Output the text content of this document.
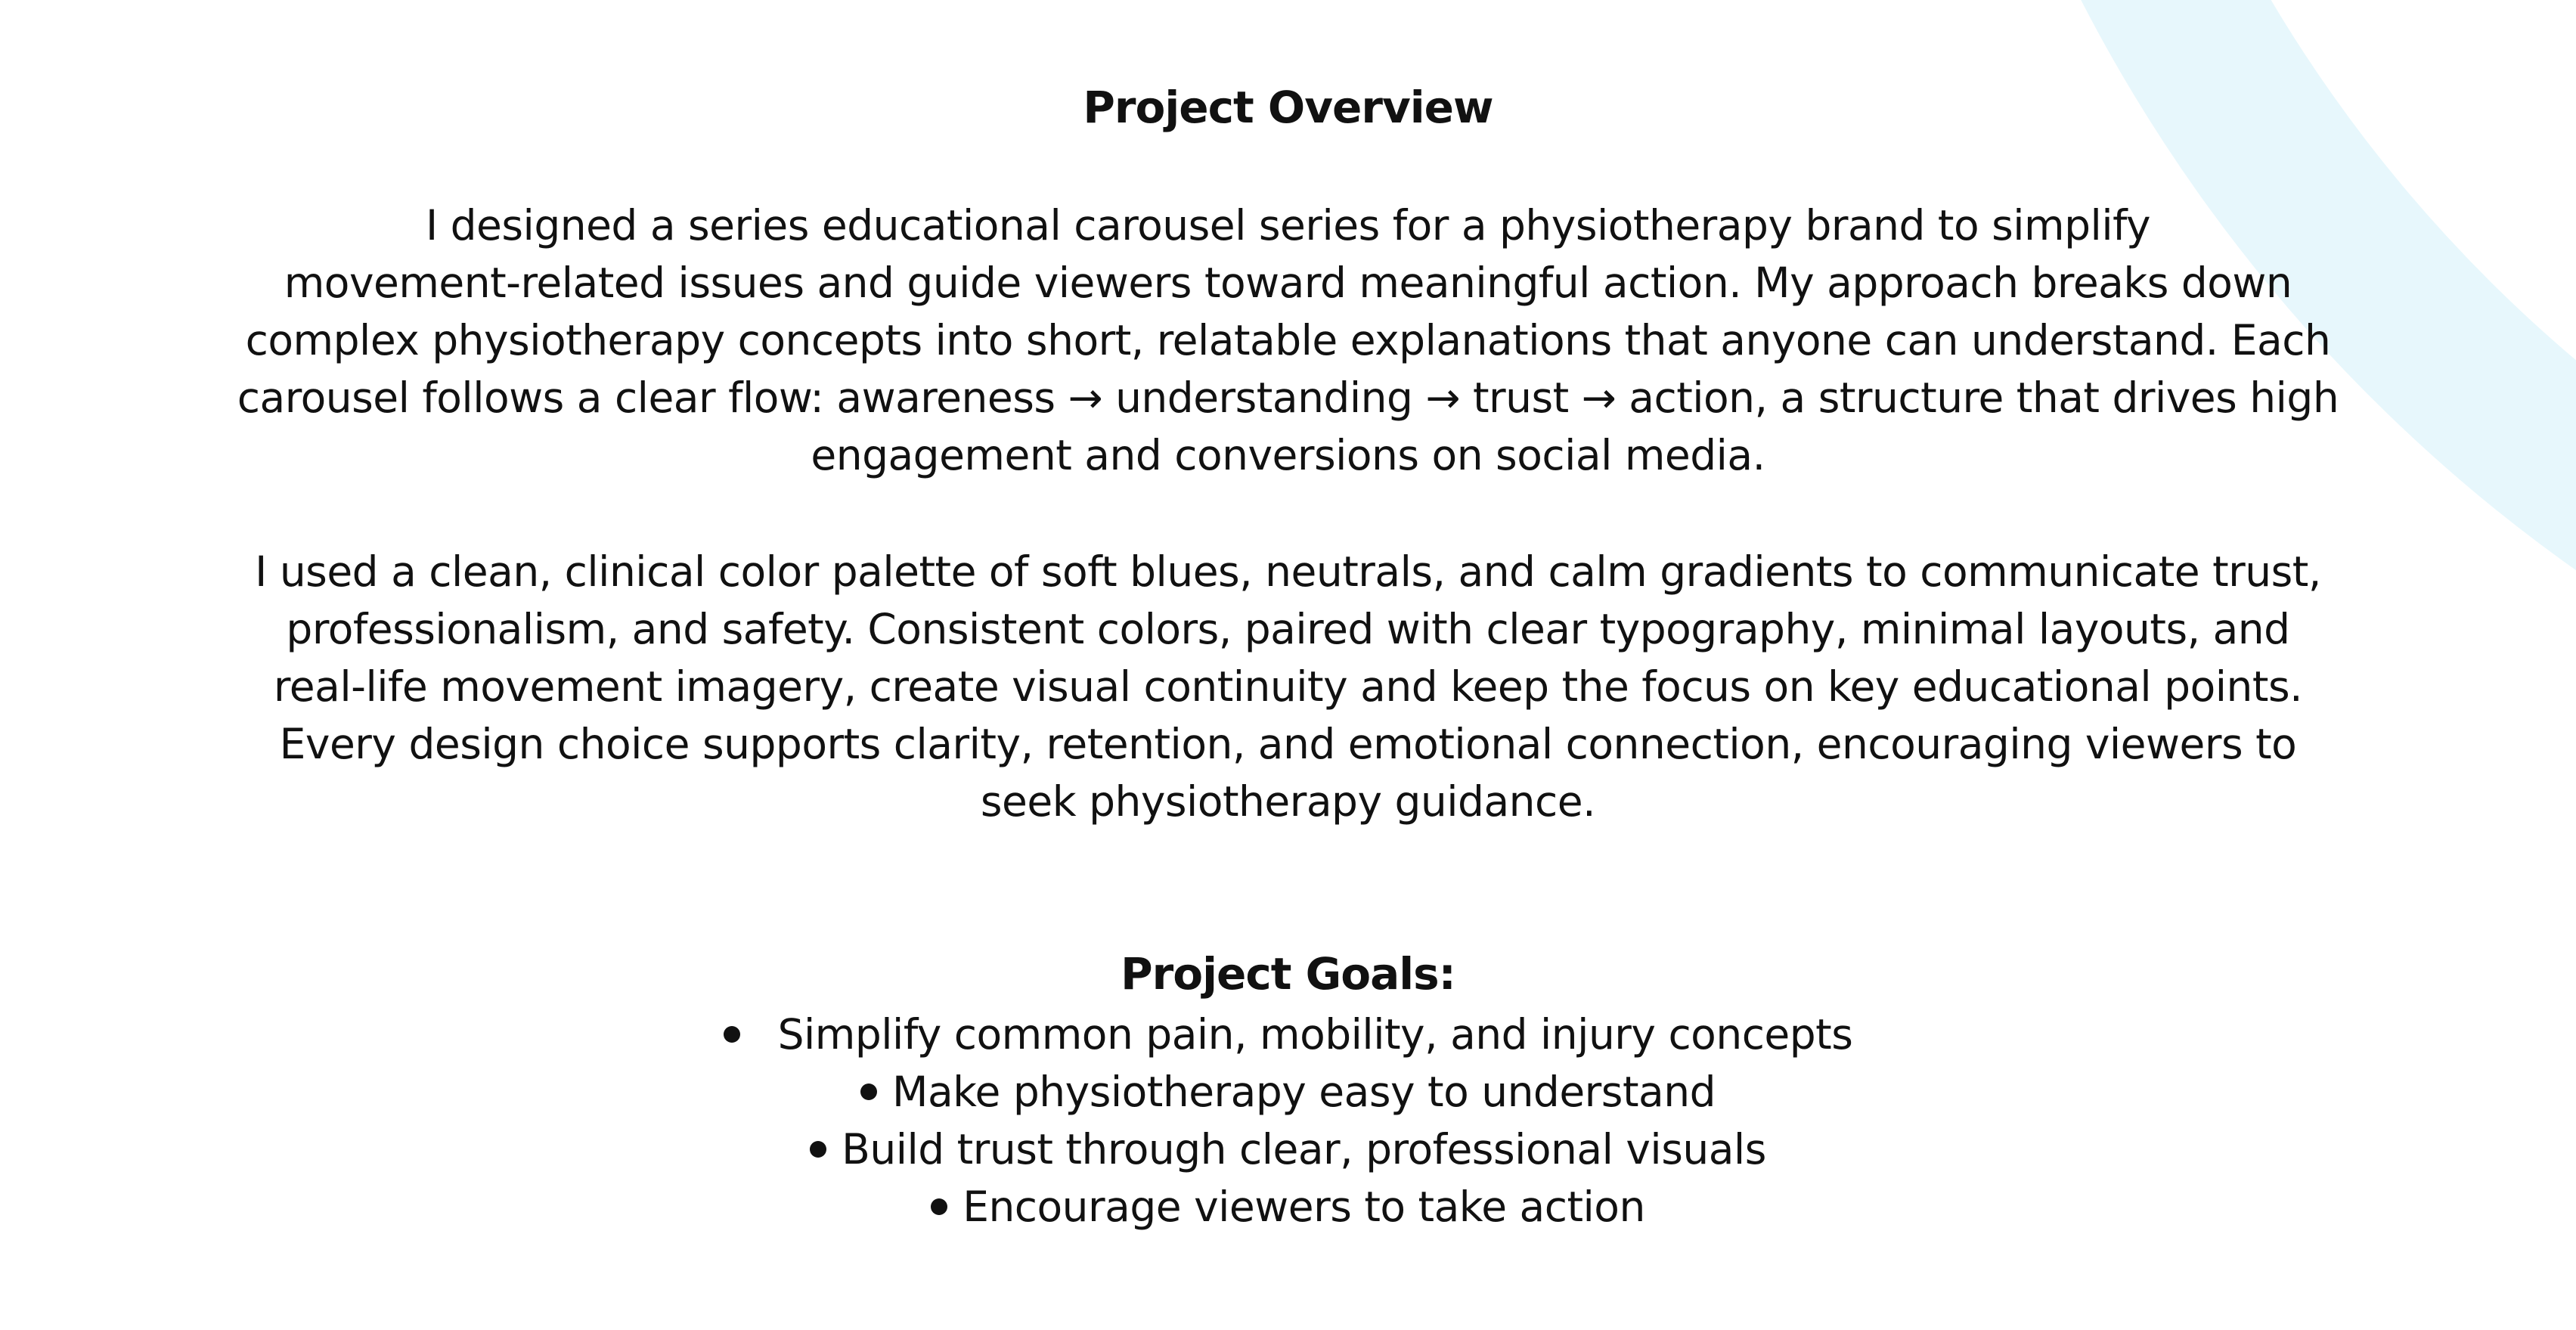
Project Overview

I designed a series educational carousel series for a physiotherapy brand to simplify
movement-related issues and guide viewers toward meaningful action. My approach breaks down
complex physiotherapy concepts into short, relatable explanations that anyone can understand. Each
carousel follows a clear flow: awareness → understanding → trust → action, a structure that drives high
engagement and conversions on social media.

I used a clean, clinical color palette of soft blues, neutrals, and calm gradients to communicate trust,
professionalism, and safety. Consistent colors, paired with clear typography, minimal layouts, and
real-life movement imagery, create visual continuity and keep the focus on key educational points.
Every design choice supports clarity, retention, and emotional connection, encouraging viewers to
seek physiotherapy guidance.

Project Goals:
Simplify common pain, mobility, and injury concepts
Make physiotherapy easy to understand
Build trust through clear, professional visuals
Encourage viewers to take action
